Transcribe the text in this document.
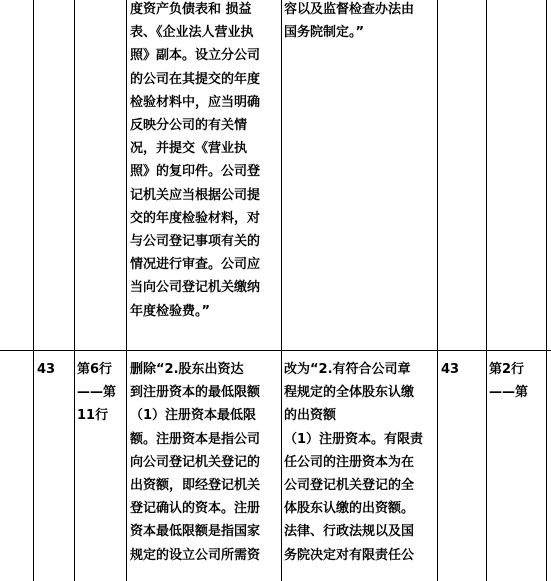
度资产负债表和 损益
表、《企业法人营业执
照》副本。设立分公司
的公司在其提交的年度
检验材料中，应当明确
反映分公司的有关情
况，并提交《营业执
照》的复印件。公司登
记机关应当根据公司提
交的年度检验材料，对
与公司登记事项有关的
情况进行审查。公司应
当向公司登记机关缴纳
年度检验费。”
容以及监督检查办法由
国务院制定。”
43 第6行
——第
11行
删除“2.股东出资达
到注册资本的最低限额
（1）注册资本最低限
额。注册资本是指公司
向公司登记机关登记的
出资额，即经登记机关
登记确认的资本。注册
资本最低限额是指国家
规定的设立公司所需资
改为“2.有符合公司章
程规定的全体股东认缴
的出资额
（1）注册资本。有限责
任公司的注册资本为在
公司登记机关登记的全
体股东认缴的出资额。
法律、行政法规以及国
务院决定对有限责任公
43 第2行
——第
